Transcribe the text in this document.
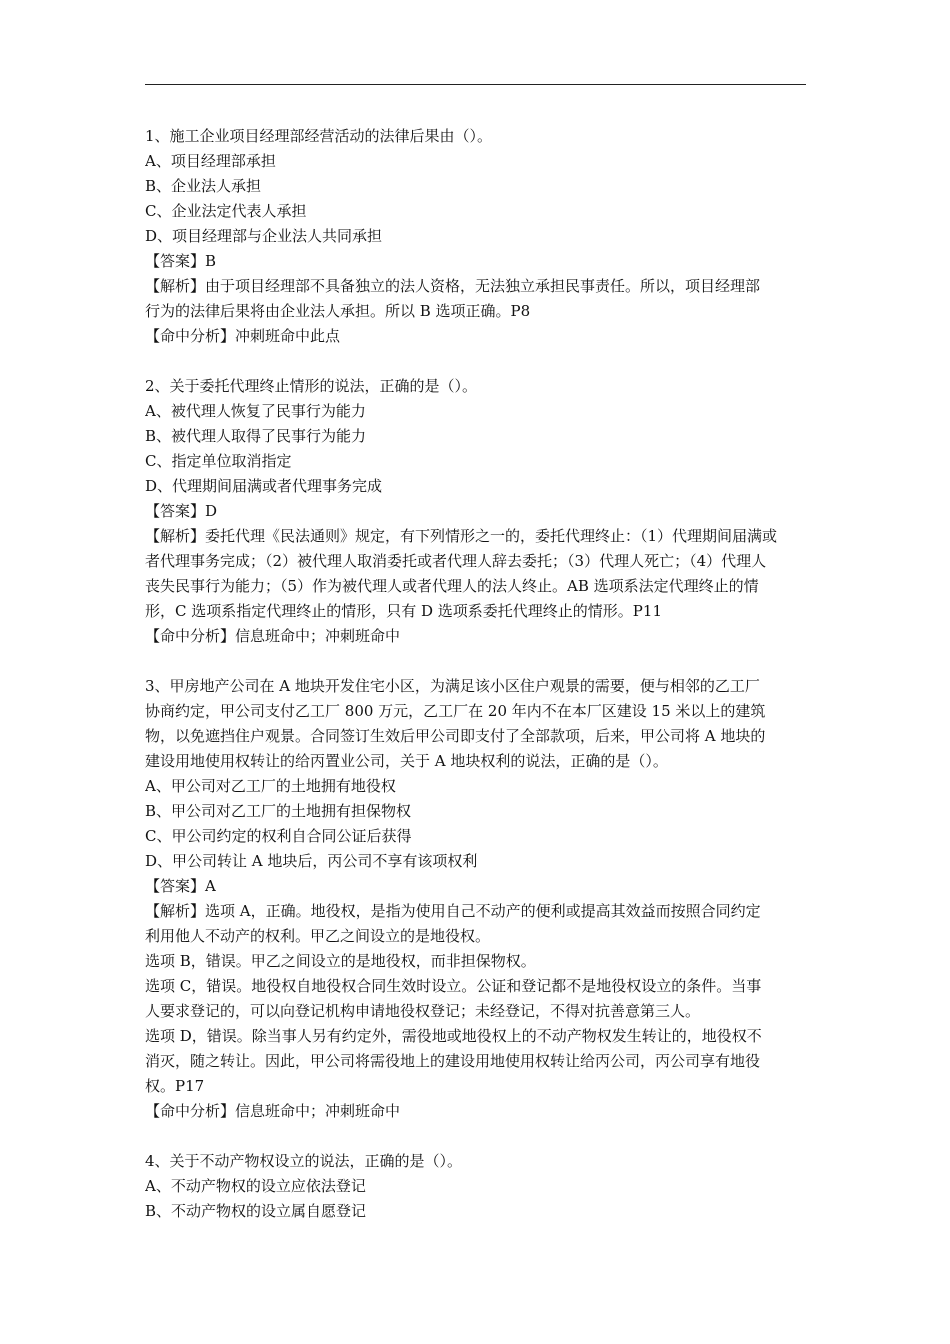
1、施工企业项目经理部经营活动的法律后果由（）。
A、项目经理部承担
B、企业法人承担
C、企业法定代表人承担
D、项目经理部与企业法人共同承担
【答案】B
【解析】由于项目经理部不具备独立的法人资格，无法独立承担民事责任。所以，项目经理部
行为的法律后果将由企业法人承担。所以 B 选项正确。P8
【命中分析】冲刺班命中此点
2、关于委托代理终止情形的说法，正确的是（）。
A、被代理人恢复了民事行为能力
B、被代理人取得了民事行为能力
C、指定单位取消指定
D、代理期间届满或者代理事务完成
【答案】D
【解析】委托代理《民法通则》规定，有下列情形之一的，委托代理终止：（1）代理期间届满或
者代理事务完成；（2）被代理人取消委托或者代理人辞去委托；（3）代理人死亡；（4）代理人
丧失民事行为能力；（5）作为被代理人或者代理人的法人终止。AB 选项系法定代理终止的情
形，C 选项系指定代理终止的情形，只有 D 选项系委托代理终止的情形。P11
【命中分析】信息班命中；冲刺班命中
3、甲房地产公司在 A 地块开发住宅小区，为满足该小区住户观景的需要，便与相邻的乙工厂
协商约定，甲公司支付乙工厂 800 万元，乙工厂在 20 年内不在本厂区建设 15 米以上的建筑
物，以免遮挡住户观景。合同签订生效后甲公司即支付了全部款项，后来，甲公司将 A 地块的
建设用地使用权转让的给丙置业公司，关于 A 地块权利的说法，正确的是（）。
A、甲公司对乙工厂的土地拥有地役权
B、甲公司对乙工厂的土地拥有担保物权
C、甲公司约定的权利自合同公证后获得
D、甲公司转让 A 地块后，丙公司不享有该项权利
【答案】A
【解析】选项 A，正确。地役权，是指为使用自己不动产的便利或提高其效益而按照合同约定
利用他人不动产的权利。甲乙之间设立的是地役权。
选项 B，错误。甲乙之间设立的是地役权，而非担保物权。
选项 C，错误。地役权自地役权合同生效时设立。公证和登记都不是地役权设立的条件。当事
人要求登记的，可以向登记机构申请地役权登记；未经登记，不得对抗善意第三人。
选项 D，错误。除当事人另有约定外，需役地或地役权上的不动产物权发生转让的，地役权不
消灭，随之转让。因此，甲公司将需役地上的建设用地使用权转让给丙公司，丙公司享有地役
权。P17
【命中分析】信息班命中；冲刺班命中
4、关于不动产物权设立的说法，正确的是（）。
A、不动产物权的设立应依法登记
B、不动产物权的设立属自愿登记
